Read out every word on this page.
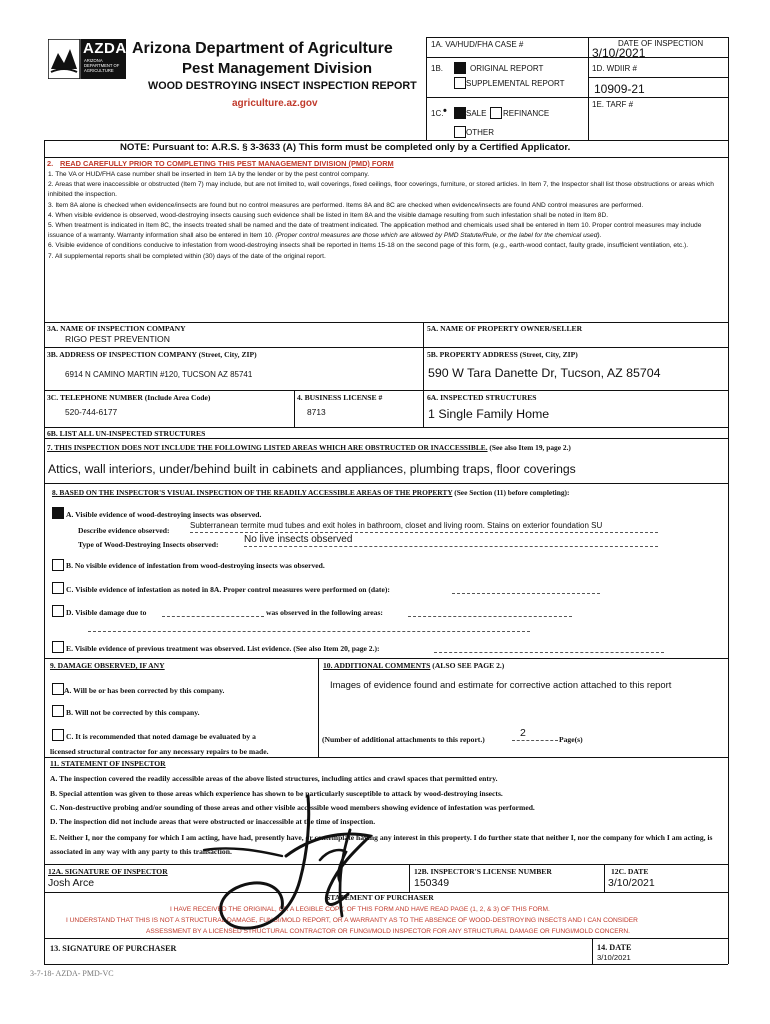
AZDA
ARIZONA DEPARTMENT OF AGRICULTURE
Arizona Department of Agriculture
Pest Management Division
WOOD DESTROYING INSECT INSPECTION REPORT
agriculture.az.gov
1A. VA/HUD/FHA CASE #	DATE OF INSPECTION
3/10/2021
1B.	ORIGINAL REPORT
SUPPLEMENTAL REPORT
1D. WDIIR #
10909-21
1E. TARF #
1C. • SALE REFINANCE
OTHER
NOTE: Pursuant to: A.R.S. § 3-3633 (A) This form must be completed only by a Certified Applicator.
2. READ CAREFULLY PRIOR TO COMPLETING THIS PEST MANAGEMENT DIVISION (PMD) FORM
1. The VA or HUD/FHA case number shall be inserted in Item 1A by the lender or by the pest control company.
2. Areas that were inaccessible or obstructed (Item 7) may include, but are not limited to, wall coverings, fixed ceilings, floor coverings, furniture, or stored articles. In Item 7, the Inspector shall list those obstructions or areas which inhibited the inspection.
3. Item 8A alone is checked when evidence/insects are found but no control measures are performed. Items 8A and 8C are checked when evidence/insects are found AND control measures are performed.
4. When visible evidence is observed, wood-destroying insects causing such evidence shall be listed in Item 8A and the visible damage resulting from such infestation shall be noted in Item 8D.
5. When treatment is indicated in Item 8C, the insects treated shall be named and the date of treatment indicated. The application method and chemicals used shall be entered in Item 10. Proper control measures may include issuance of a warranty. Warranty information shall also be entered in Item 10. (Proper control measures are those which are allowed by PMD Statute/Rule, or the label for the chemical used).
6. Visible evidence of conditions conducive to infestation from wood-destroying insects shall be reported in Items 15-18 on the second page of this form, (e.g., earth-wood contact, faulty grade, insufficient ventilation, etc.).
7. All supplemental reports shall be completed within (30) days of the date of the original report.
3A. NAME OF INSPECTION COMPANY
RIGO PEST PREVENTION
5A. NAME OF PROPERTY OWNER/SELLER
3B. ADDRESS OF INSPECTION COMPANY (Street, City, ZIP)	5B. PROPERTY ADDRESS (Street, City, ZIP)
6914 N CAMINO MARTIN #120, TUCSON AZ 85741	590 W Tara Danette Dr, Tucson, AZ 85704
3C. TELEPHONE NUMBER (Include Area Code)
520-744-6177
4. BUSINESS LICENSE #
8713
6A. INSPECTED STRUCTURES
1 Single Family Home
6B. LIST ALL UN-INSPECTED STRUCTURES
7. THIS INSPECTION DOES NOT INCLUDE THE FOLLOWING LISTED AREAS WHICH ARE OBSTRUCTED OR INACCESSIBLE. (See also Item 19, page 2.)
Attics, wall interiors, under/behind built in cabinets and appliances, plumbing traps, floor coverings
8. BASED ON THE INSPECTOR'S VISUAL INSPECTION OF THE READILY ACCESSIBLE AREAS OF THE PROPERTY (See Section (11) before completing):
A. Visible evidence of wood-destroying insects was observed.
Describe evidence observed:
Subterranean termite mud tubes and exit holes in bathroom, closet and living room. Stains on exterior foundation SU
Type of Wood-Destroying Insects observed:	No live insects observed
B. No visible evidence of infestation from wood-destroying insects was observed.
C. Visible evidence of infestation as noted in 8A. Proper control measures were performed on (date):
D. Visible damage due to	was observed in the following areas:
E. Visible evidence of previous treatment was observed. List evidence. (See also Item 20, page 2.):
9. DAMAGE OBSERVED, IF ANY	10. ADDITIONAL COMMENTS (ALSO SEE PAGE 2.)
A. Will be or has been corrected by this company.
B. Will not be corrected by this company.
C. It is recommended that noted damage be evaluated by a
licensed structural contractor for any necessary repairs to be made.
Images of evidence found and estimate for corrective action attached to this report
(Number of additional attachments to this report.)
2
Page(s)
11. STATEMENT OF INSPECTOR
A. The inspection covered the readily accessible areas of the above listed structures, including attics and crawl spaces that permitted entry.
B. Special attention was given to those areas which experience has shown to be particularly susceptible to attack by wood-destroying insects.
C. Non-destructive probing and/or sounding of those areas and other visible accessible wood members showing evidence of infestation was performed.
D. The inspection did not include areas that were obstructed or inaccessible at the time of inspection.
E. Neither I, nor the company for which I am acting, have had, presently have, or contemplate having any interest in this property. I do further state that neither I, nor the company for which I am acting, is associated in any way with any party to this transaction.
12A. SIGNATURE OF INSPECTOR
Josh Arce
12B. INSPECTOR'S LICENSE NUMBER
150349
12C. DATE
3/10/2021
STATEMENT OF PURCHASER
I HAVE RECEIVED THE ORIGINAL, OR A LEGIBLE COPY, OF THIS FORM AND HAVE READ PAGE (1, 2, & 3) OF THIS FORM.
I UNDERSTAND THAT THIS IS NOT A STRUCTURAL DAMAGE, FUNGI/MOLD REPORT, OR A WARRANTY AS TO THE ABSENCE OF WOOD-DESTROYING INSECTS AND I CAN CONSIDER
ASSESSMENT BY A LICENSED STRUCTURAL CONTRACTOR OR FUNGI/MOLD INSPECTOR FOR ANY STRUCTURAL DAMAGE OR FUNGI/MOLD CONCERN.
13. SIGNATURE OF PURCHASER	14. DATE
3/10/2021
3-7-18- AZDA- PMD-VC
